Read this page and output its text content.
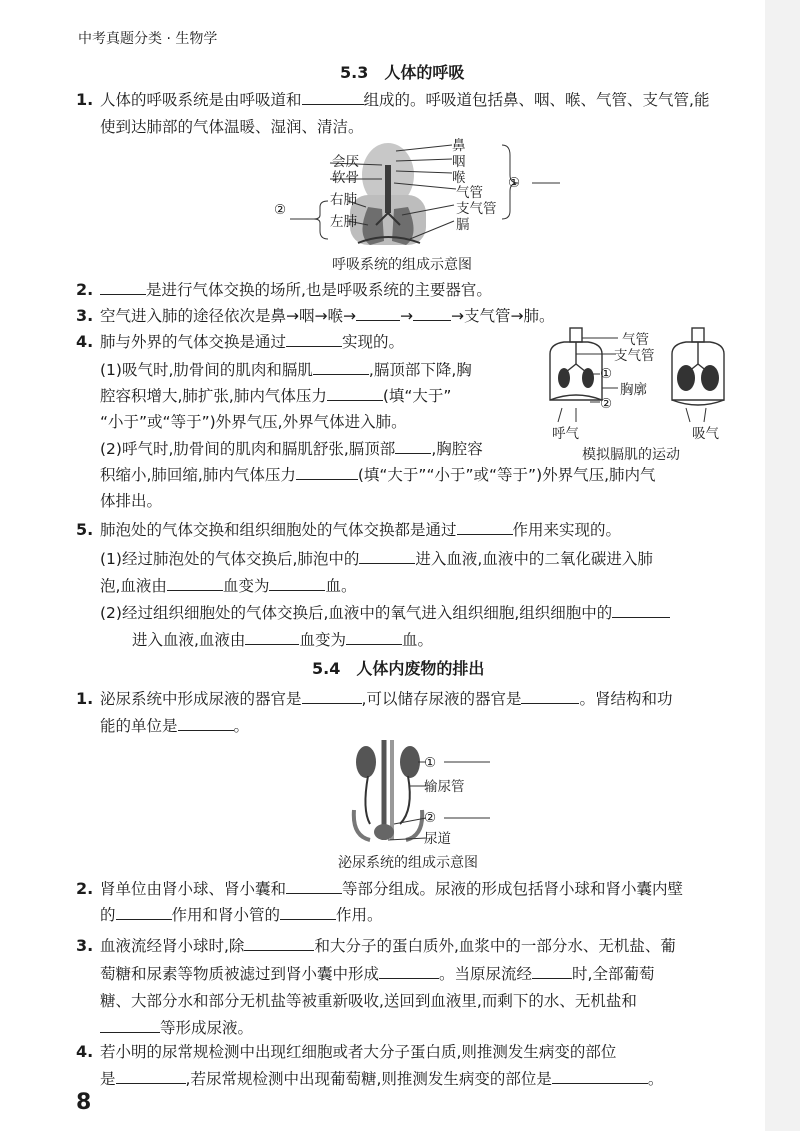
中考真题分类 · 生物学
5.3　人体的呼吸
1. 人体的呼吸系统是由呼吸道和	组成的。呼吸道包括鼻、咽、喉、气管、支气管,能
使到达肺部的气体温暖、湿润、清洁。
鼻
咽
喉
气管
支气管
膈
会厌
软骨
右肺
左肺
②
①
呼吸系统的组成示意图
2.	是进行气体交换的场所,也是呼吸系统的主要器官。
3. 空气进入肺的途径依次是鼻→咽→喉→	→ →支气管→肺。
4. 肺与外界的气体交换是通过	实现的。
(1)吸气时,肋骨间的肌肉和膈肌	,膈顶部下降,胸
腔容积增大,肺扩张,肺内气体压力	(填“大于”
“小于”或“等于”)外界气压,外界气体进入肺。
(2)呼气时,肋骨间的肌肉和膈肌舒张,膈顶部 ,胸腔容
积缩小,肺回缩,肺内气体压力	(填“大于”“小于”或“等于”)外界气压,肺内气
体排出。
气管
支气管
①
胸廓
②
呼气	吸气
模拟膈肌的运动
5. 肺泡处的气体交换和组织细胞处的气体交换都是通过	作用来实现的。
(1)经过肺泡处的气体交换后,肺泡中的	进入血液,血液中的二氧化碳进入肺
泡,血液由	血变为	血。
(2)经过组织细胞处的气体交换后,血液中的氧气进入组织细胞,组织细胞中的
进入血液,血液由	血变为	血。
5.4　人体内废物的排出
1. 泌尿系统中形成尿液的器官是	,可以储存尿液的器官是	。肾结构和功
能的单位是	。
①
输尿管
②
尿道
泌尿系统的组成示意图
2. 肾单位由肾小球、肾小囊和	等部分组成。尿液的形成包括肾小球和肾小囊内壁
的	作用和肾小管的	作用。
3. 血液流经肾小球时,除	和大分子的蛋白质外,血浆中的一部分水、无机盐、葡
萄糖和尿素等物质被滤过到肾小囊中形成	。当原尿流经	时,全部葡萄
糖、大部分水和部分无机盐等被重新吸收,送回到血液里,而剩下的水、无机盐和
等形成尿液。
4. 若小明的尿常规检测中出现红细胞或者大分子蛋白质,则推测发生病变的部位
是	,若尿常规检测中出现葡萄糖,则推测发生病变的部位是	。
8
